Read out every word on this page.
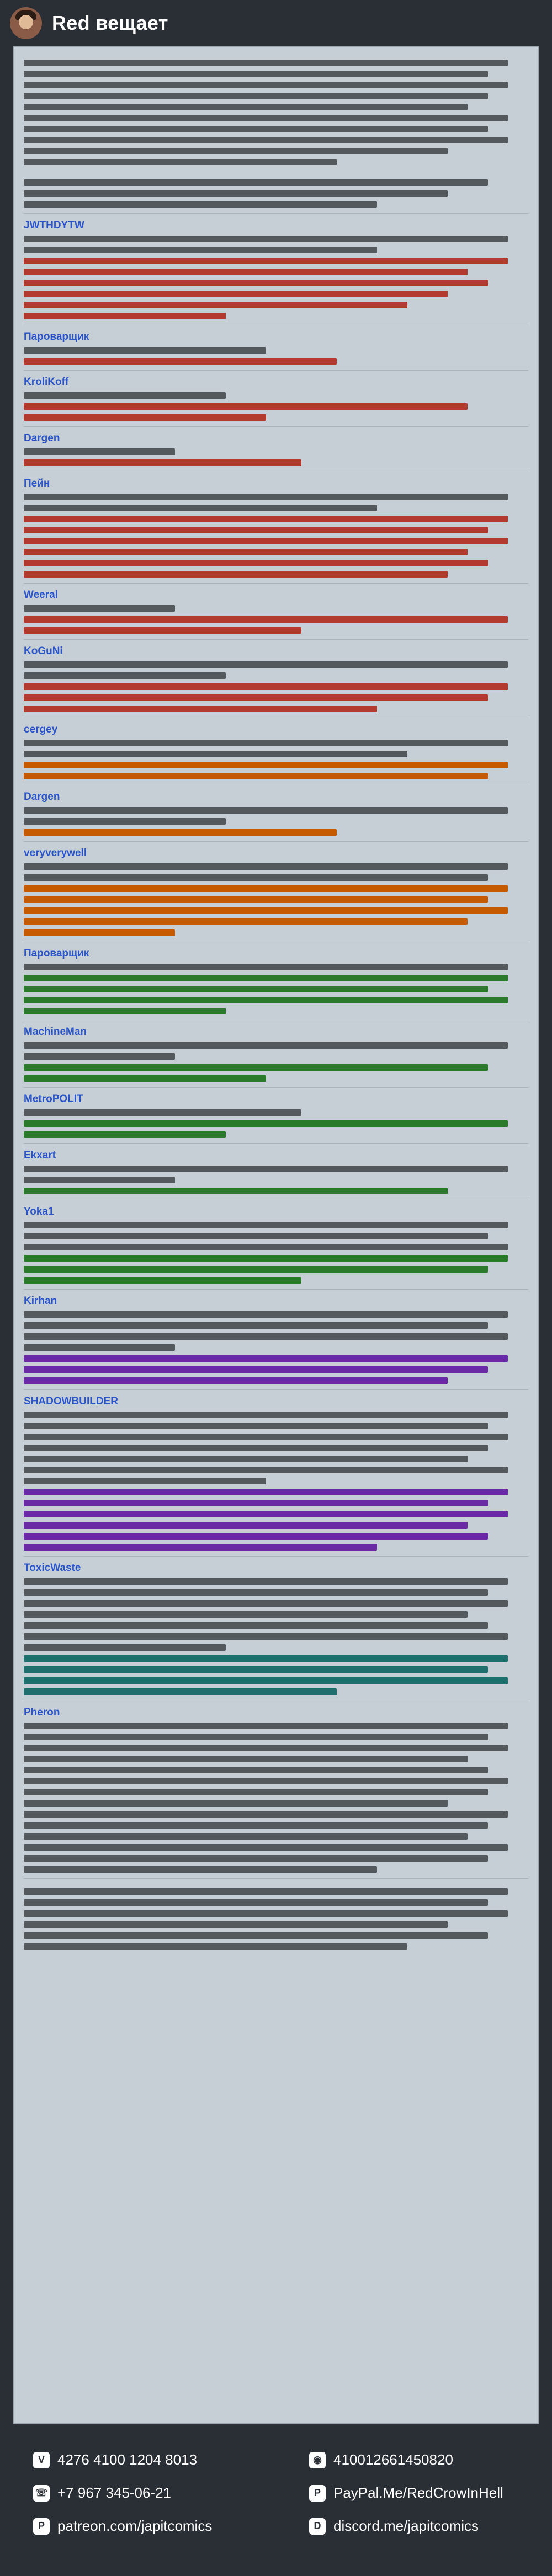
Red вещает
JWTHDYTW
Пароварщик
KroliKoff
Dargen
Пейн
Weeral
KoGuNi
cergey
Dargen
veryverywell
Пароварщик
MachineMan
MetroPOLIT
Ekxart
Yoka1
Kirhan
SHADOWBUILDER
ToxicWaste
Pheron
V 4276 4100 1204 8013
☏ +7 967 345-06-21
P patreon.com/japitcomics
◉ 410012661450820
P PayPal.Me/RedCrowInHell
D discord.me/japitcomics
